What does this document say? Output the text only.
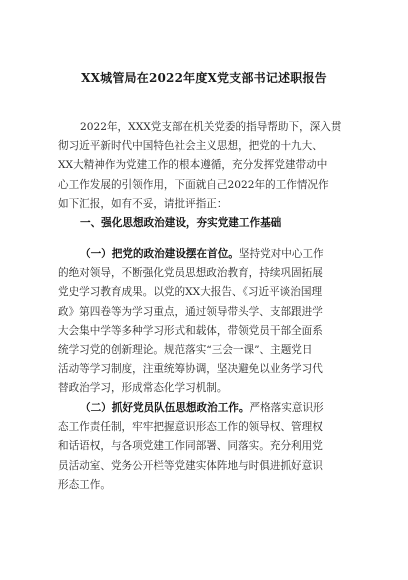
XX城管局在2022年度X党支部书记述职报告
2022年，XXX党支部在机关党委的指导帮助下，深入贯
彻习近平新时代中国特色社会主义思想，把党的十九大、
XX大精神作为党建工作的根本遵循，充分发挥党建带动中
心工作发展的引领作用，下面就自己2022年的工作情况作
如下汇报，如有不妥，请批评指正：
一、强化思想政治建设，夯实党建工作基础
（一）把党的政治建设摆在首位。坚持党对中心工作
的绝对领导，不断强化党员思想政治教育，持续巩固拓展
党史学习教育成果。以党的XX大报告、《习近平谈治国理
政》第四卷等为学习重点，通过领导带头学、支部跟进学
大会集中学等多种学习形式和载体，带领党员干部全面系
统学习党的创新理论。规范落实“三会一课”、主题党日
活动等学习制度，注重统筹协调，坚决避免以业务学习代
替政治学习，形成常态化学习机制。
（二）抓好党员队伍思想政治工作。严格落实意识形
态工作责任制，牢牢把握意识形态工作的领导权、管理权
和话语权，与各项党建工作同部署、同落实。充分利用党
员活动室、党务公开栏等党建实体阵地与时俱进抓好意识
形态工作。
